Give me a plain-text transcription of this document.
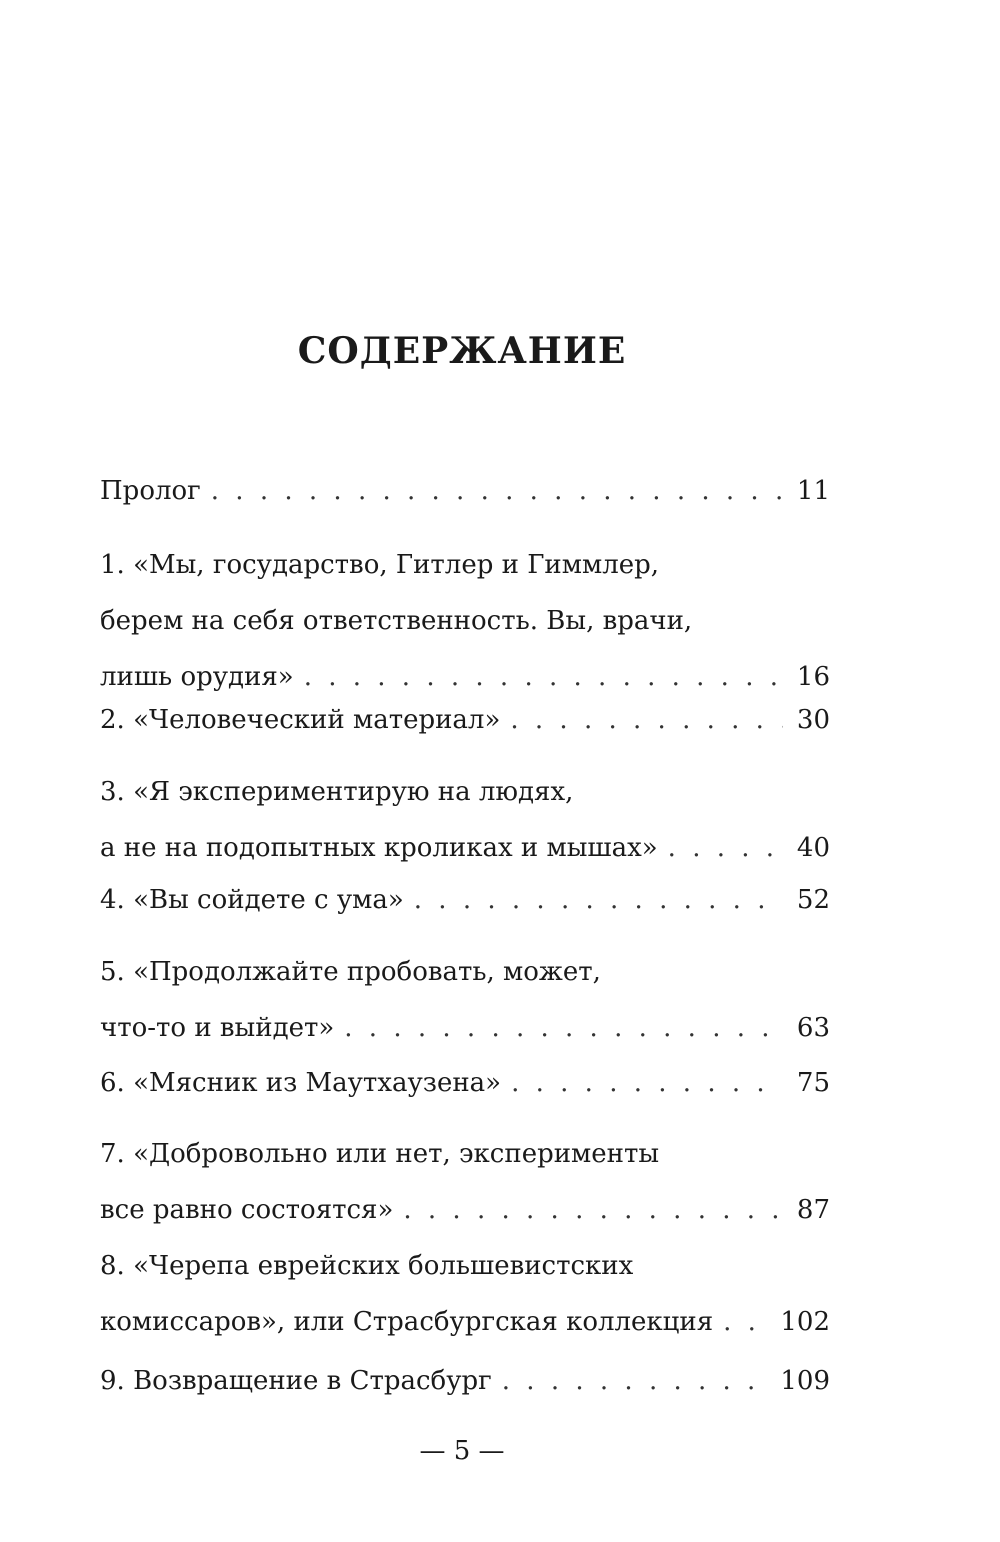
СОДЕРЖАНИЕ
Пролог . . .	11
1. «Мы, государство, Гитлер и Гиммлер,
берем на себя ответственность. Вы, врачи,
лишь орудия» . . .	16
2. «Человеческий материал» . . .	30
3. «Я экспериментирую на людях,
а не на подопытных кроликах и мышах» . . .	40
4. «Вы сойдете с ума» . . .	52
5. «Продолжайте пробовать, может,
что-то и выйдет» . . .	63
6. «Мясник из Маутхаузена» . . .	75
7. «Добровольно или нет, эксперименты
все равно состоятся» . . .	87
8. «Черепа еврейских большевистских
комиссаров», или Страсбургская коллекция . . .	102
9. Возвращение в Страсбург . . .	109
— 5 —
